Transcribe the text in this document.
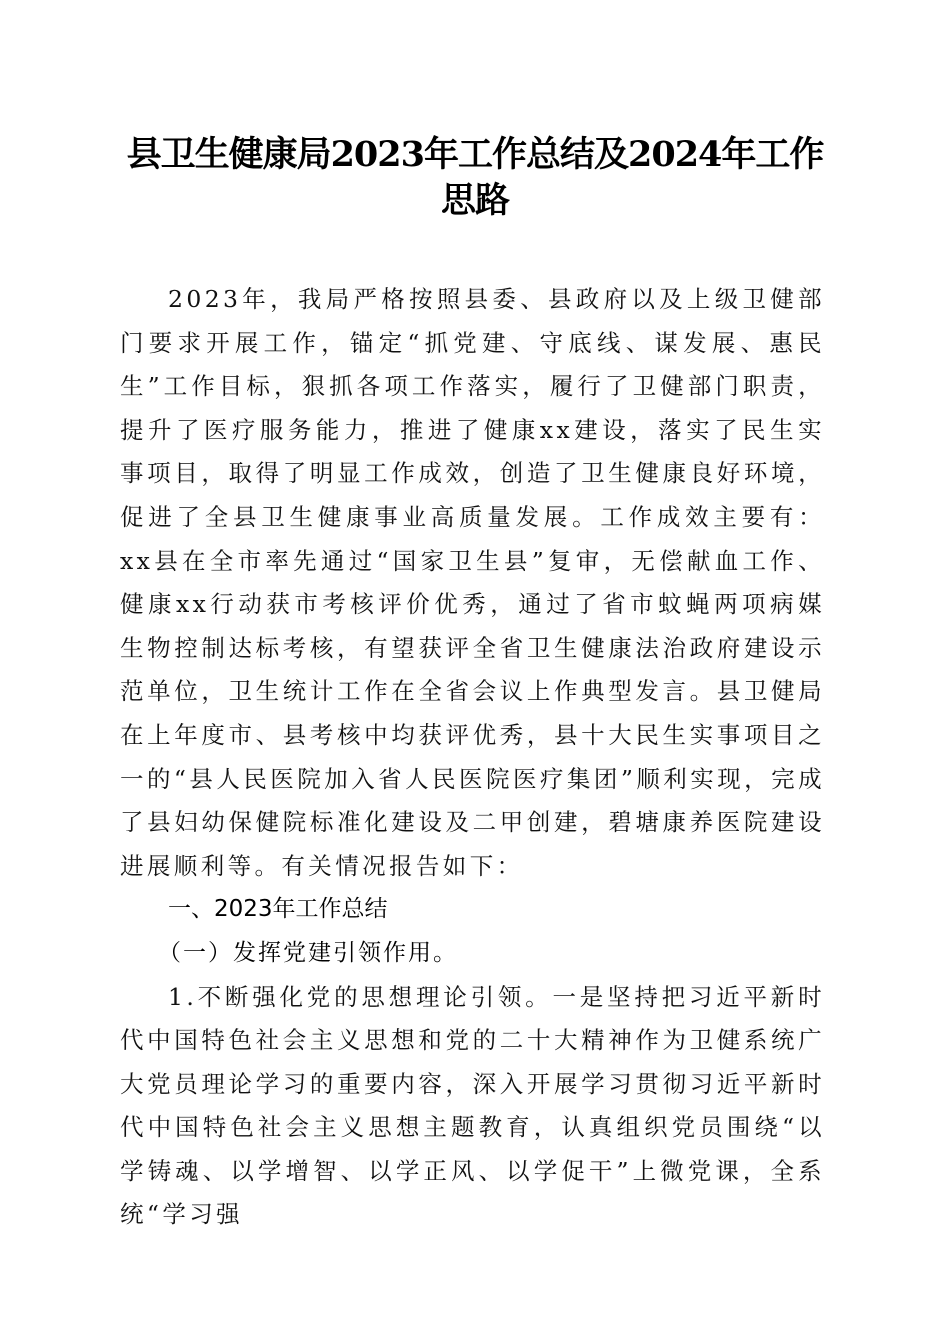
县卫生健康局2023年工作总结及2024年工作思路

2023年，我局严格按照县委、县政府以及上级卫健部门要求开展工作，锚定“抓党建、守底线、谋发展、惠民生”工作目标，狠抓各项工作落实，履行了卫健部门职责，提升了医疗服务能力，推进了健康xx建设，落实了民生实事项目，取得了明显工作成效，创造了卫生健康良好环境，促进了全县卫生健康事业高质量发展。工作成效主要有：xx县在全市率先通过“国家卫生县”复审，无偿献血工作、健康xx行动获市考核评价优秀，通过了省市蚊蝇两项病媒生物控制达标考核，有望获评全省卫生健康法治政府建设示范单位，卫生统计工作在全省会议上作典型发言。县卫健局在上年度市、县考核中均获评优秀，县十大民生实事项目之一的“县人民医院加入省人民医院医疗集团”顺利实现，完成了县妇幼保健院标准化建设及二甲创建，碧塘康养医院建设进展顺利等。有关情况报告如下：

一、2023年工作总结

（一）发挥党建引领作用。

1.不断强化党的思想理论引领。一是坚持把习近平新时代中国特色社会主义思想和党的二十大精神作为卫健系统广大党员理论学习的重要内容，深入开展学习贯彻习近平新时代中国特色社会主义思想主题教育，认真组织党员围绕“以学铸魂、以学增智、以学正风、以学促干”上微党课，全系统“学习强
